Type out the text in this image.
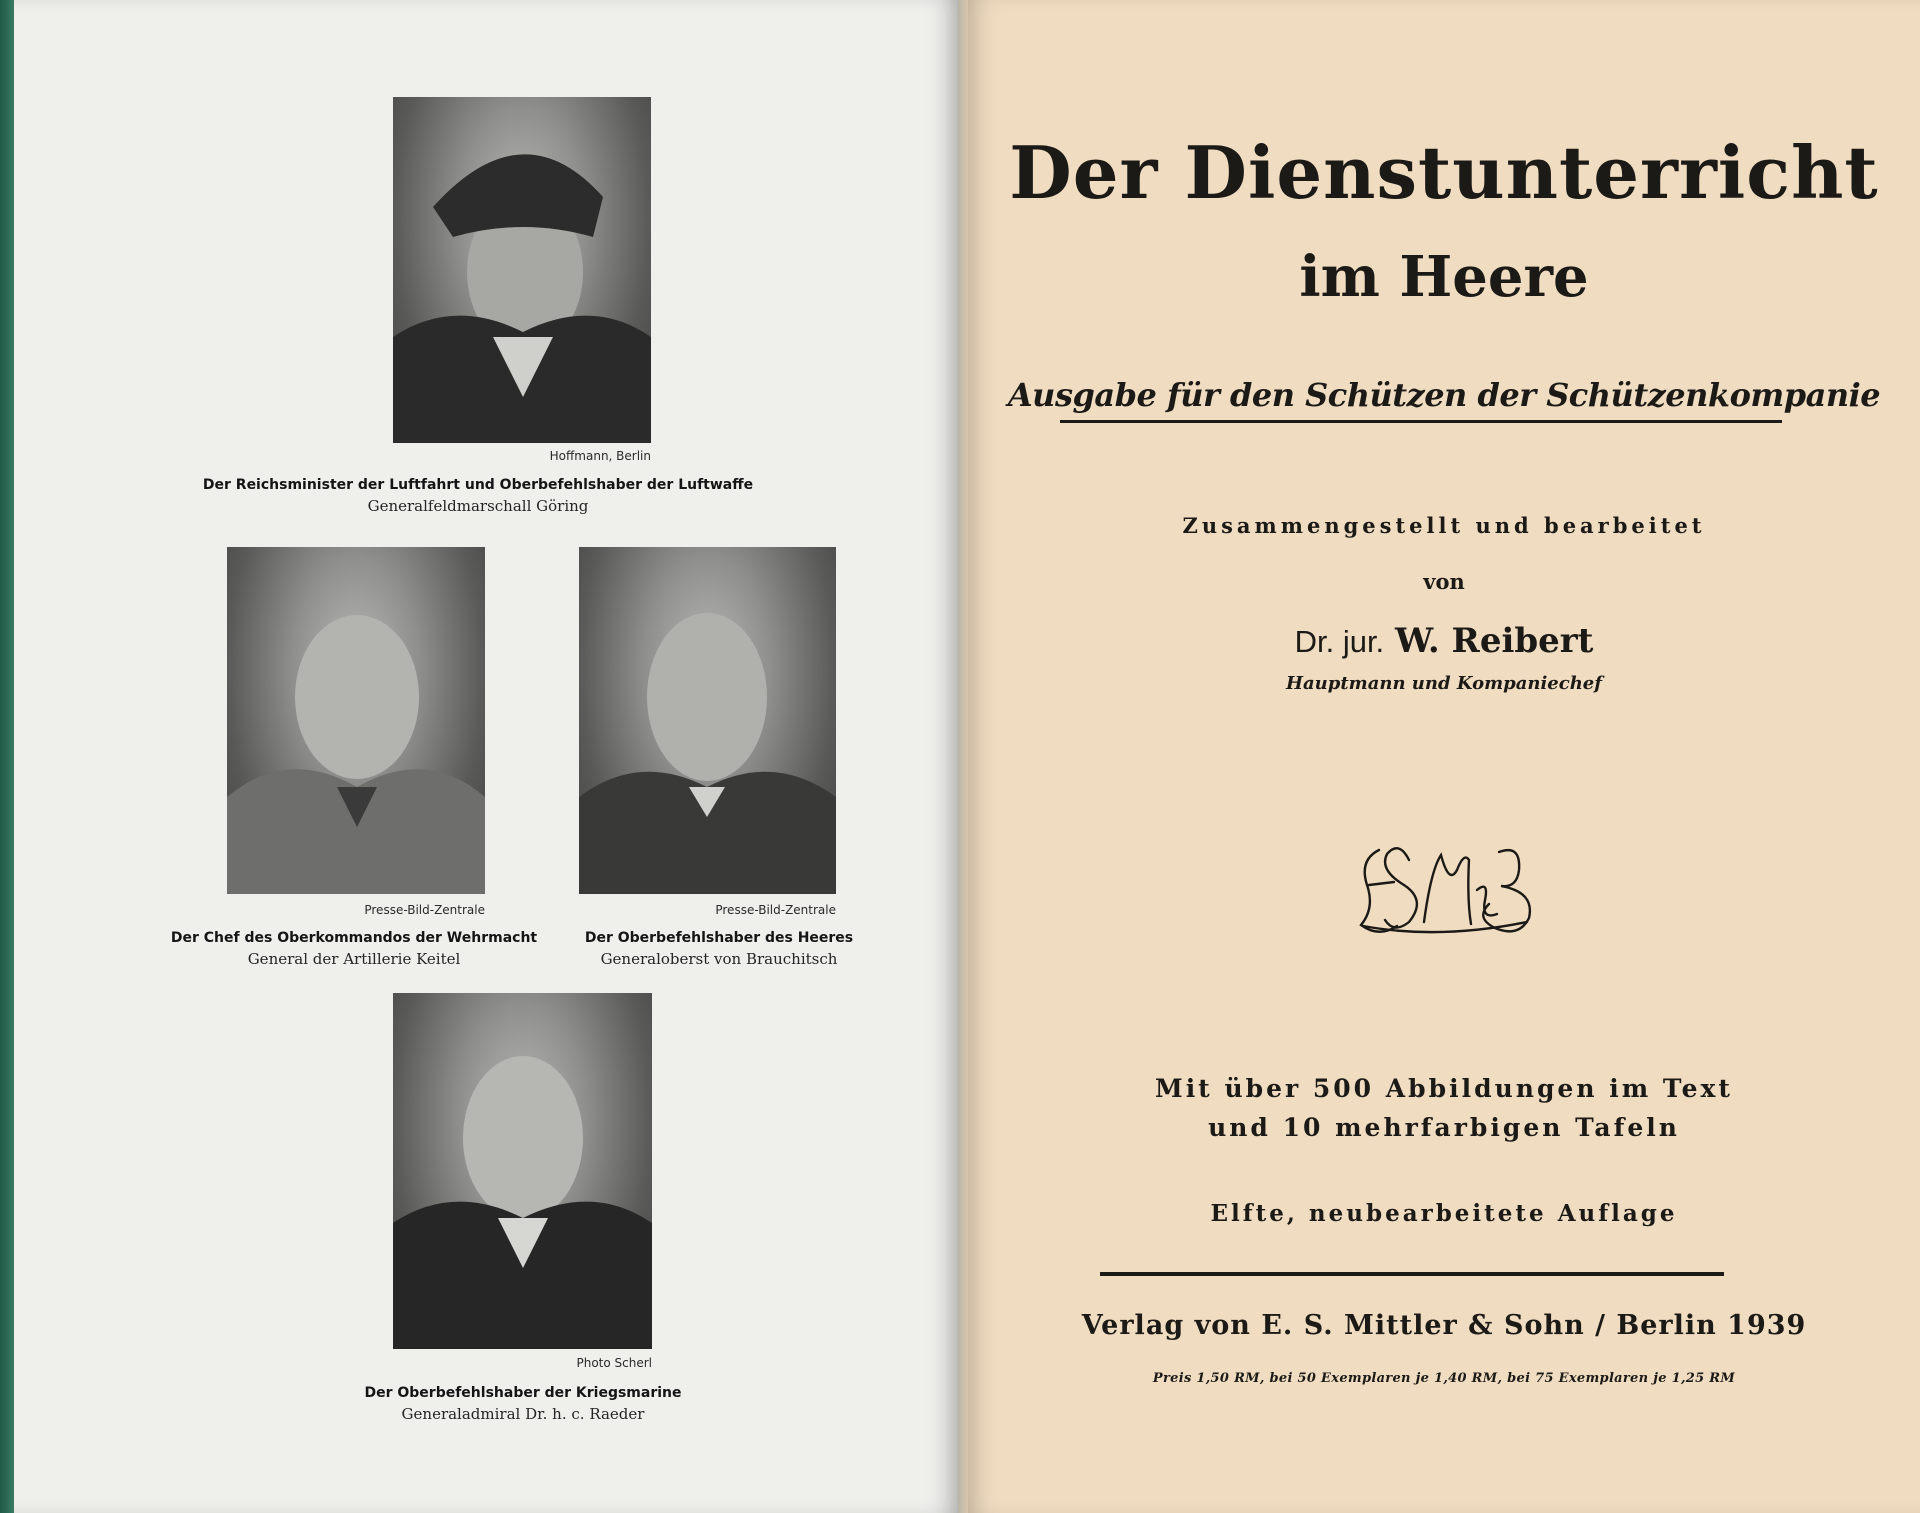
Hoffmann, Berlin
Der Reichsminister der Luftfahrt und Oberbefehlshaber der Luftwaffe
Generalfeldmarschall Göring
Presse-Bild-Zentrale
Der Chef des Oberkommandos der Wehrmacht
General der Artillerie Keitel
Presse-Bild-Zentrale
Der Oberbefehlshaber des Heeres
Generaloberst von Brauchitsch
Photo Scherl
Der Oberbefehlshaber der Kriegsmarine
Generaladmiral Dr. h. c. Raeder
Der Dienstunterricht
im Heere
Ausgabe für den Schützen der Schützenkompanie
Zusammengestellt und bearbeitet
von
Dr. jur. W. Reibert
Hauptmann und Kompaniechef
Mit über 500 Abbildungen im Text
und 10 mehrfarbigen Tafeln
Elfte, neubearbeitete Auflage
Verlag von E. S. Mittler & Sohn / Berlin 1939
Preis 1,50 RM, bei 50 Exemplaren je 1,40 RM, bei 75 Exemplaren je 1,25 RM
